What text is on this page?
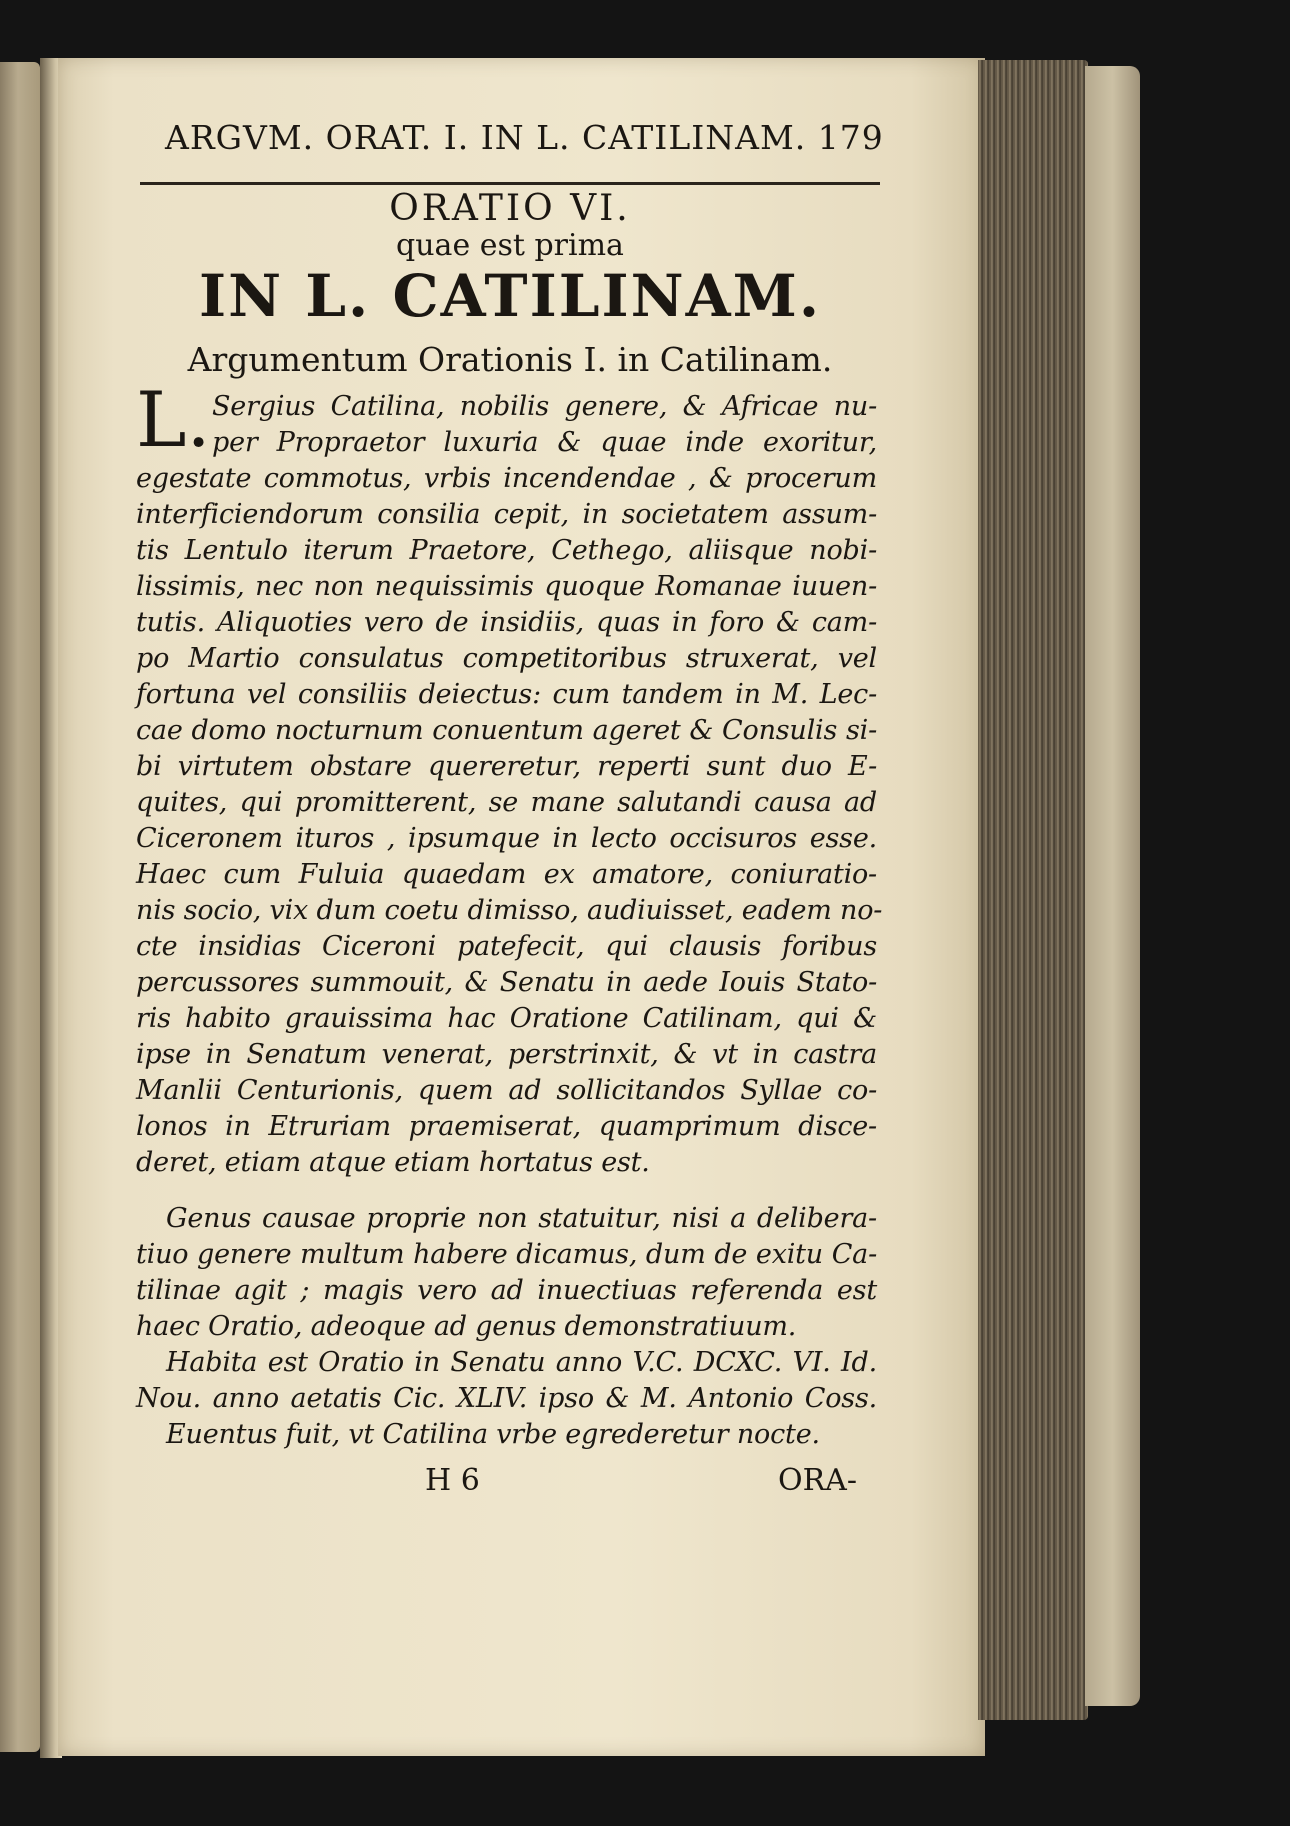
ARGVM. ORAT. I. IN L. CATILINAM. 179
ORATIO VI.
quae est prima
IN L. CATILINAM.
Argumentum Orationis I. in Catilinam.
L. Sergius Catilina, nobilis genere, & Africae nu-
per Propraetor luxuria & quae inde exoritur,
egestate commotus, vrbis incendendae , & procerum
interficiendorum consilia cepit, in societatem assum-
tis Lentulo iterum Praetore, Cethego, aliisque nobi-
lissimis, nec non nequissimis quoque Romanae iuuen-
tutis. Aliquoties vero de insidiis, quas in foro & cam-
po Martio consulatus competitoribus struxerat, vel
fortuna vel consiliis deiectus: cum tandem in M. Lec-
cae domo nocturnum conuentum ageret & Consulis si-
bi virtutem obstare quereretur, reperti sunt duo E-
quites, qui promitterent, se mane salutandi causa ad
Ciceronem ituros , ipsumque in lecto occisuros esse.
Haec cum Fuluia quaedam ex amatore, coniuratio-
nis socio, vix dum coetu dimisso, audiuisset, eadem no-
cte insidias Ciceroni patefecit, qui clausis foribus
percussores summouit, & Senatu in aede Iouis Stato-
ris habito grauissima hac Oratione Catilinam, qui &
ipse in Senatum venerat, perstrinxit, & vt in castra
Manlii Centurionis, quem ad sollicitandos Syllae co-
lonos in Etruriam praemiserat, quamprimum disce-
deret, etiam atque etiam hortatus est.
Genus causae proprie non statuitur, nisi a delibera-
tiuo genere multum habere dicamus, dum de exitu Ca-
tilinae agit ; magis vero ad inuectiuas referenda est
haec Oratio, adeoque ad genus demonstratiuum.
Habita est Oratio in Senatu anno V.C. DCXC. VI. Id.
Nou. anno aetatis Cic. XLIV. ipso & M. Antonio Coss.
Euentus fuit, vt Catilina vrbe egrederetur nocte.
H 6	ORA-
